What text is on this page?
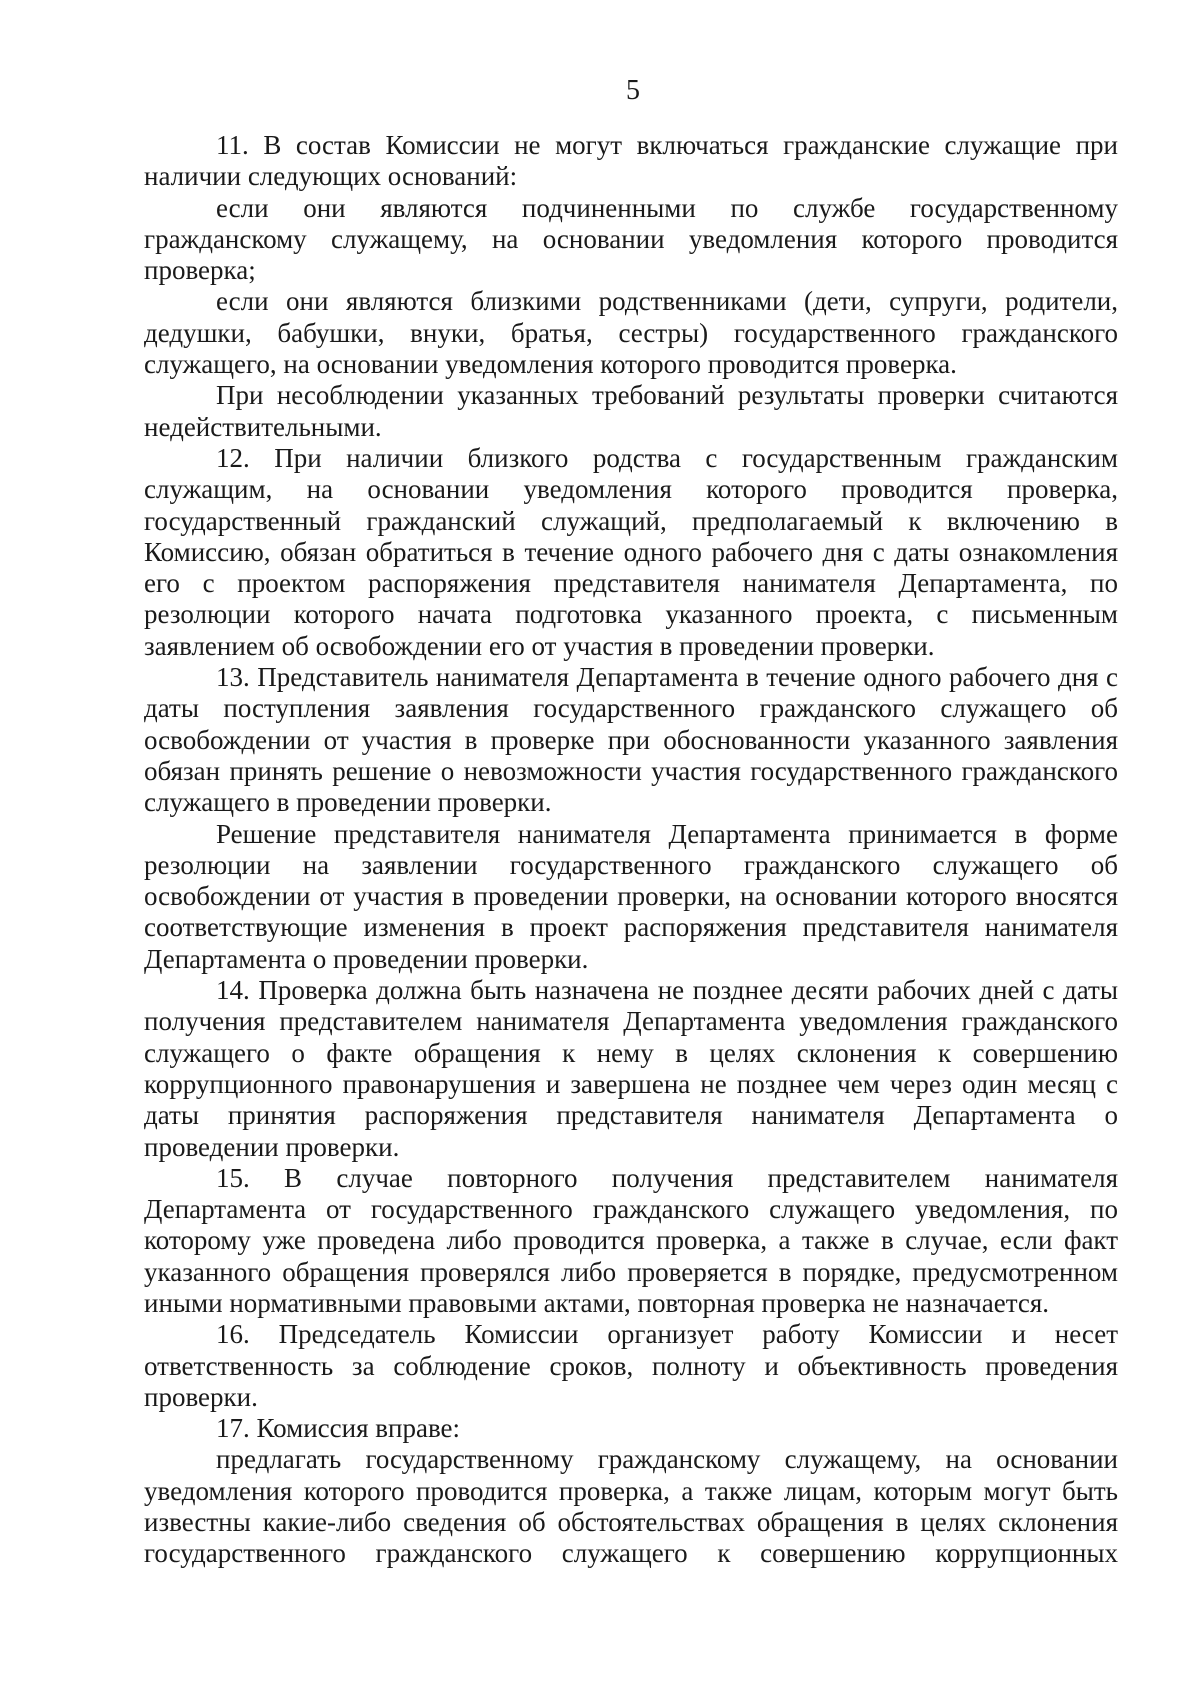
5

11. В состав Комиссии не могут включаться гражданские служащие при наличии следующих оснований:

если они являются подчиненными по службе государственному гражданскому служащему, на основании уведомления которого проводится проверка;

если они являются близкими родственниками (дети, супруги, родители, дедушки, бабушки, внуки, братья, сестры) государственного гражданского служащего, на основании уведомления которого проводится проверка.

При несоблюдении указанных требований результаты проверки считаются недействительными.

12. При наличии близкого родства с государственным гражданским служащим, на основании уведомления которого проводится проверка, государственный гражданский служащий, предполагаемый к включению в Комиссию, обязан обратиться в течение одного рабочего дня с даты ознакомления его с проектом распоряжения представителя нанимателя Департамента, по резолюции которого начата подготовка указанного проекта, с письменным заявлением об освобождении его от участия в проведении проверки.

13. Представитель нанимателя Департамента в течение одного рабочего дня с даты поступления заявления государственного гражданского служащего об освобождении от участия в проверке при обоснованности указанного заявления обязан принять решение о невозможности участия государственного гражданского служащего в проведении проверки.

Решение представителя нанимателя Департамента принимается в форме резолюции на заявлении государственного гражданского служащего об освобождении от участия в проведении проверки, на основании которого вносятся соответствующие изменения в проект распоряжения представителя нанимателя Департамента о проведении проверки.

14. Проверка должна быть назначена не позднее десяти рабочих дней с даты получения представителем нанимателя Департамента уведомления гражданского служащего о факте обращения к нему в целях склонения к совершению коррупционного правонарушения и завершена не позднее чем через один месяц с даты принятия распоряжения представителя нанимателя Департамента о проведении проверки.

15. В случае повторного получения представителем нанимателя Департамента от государственного гражданского служащего уведомления, по которому уже проведена либо проводится проверка, а также в случае, если факт указанного обращения проверялся либо проверяется в порядке, предусмотренном иными нормативными правовыми актами, повторная проверка не назначается.

16. Председатель Комиссии организует работу Комиссии и несет ответственность за соблюдение сроков, полноту и объективность проведения проверки.

17. Комиссия вправе:

предлагать государственному гражданскому служащему, на основании уведомления которого проводится проверка, а также лицам, которым могут быть известны какие-либо сведения об обстоятельствах обращения в целях склонения государственного гражданского служащего к совершению коррупционных
